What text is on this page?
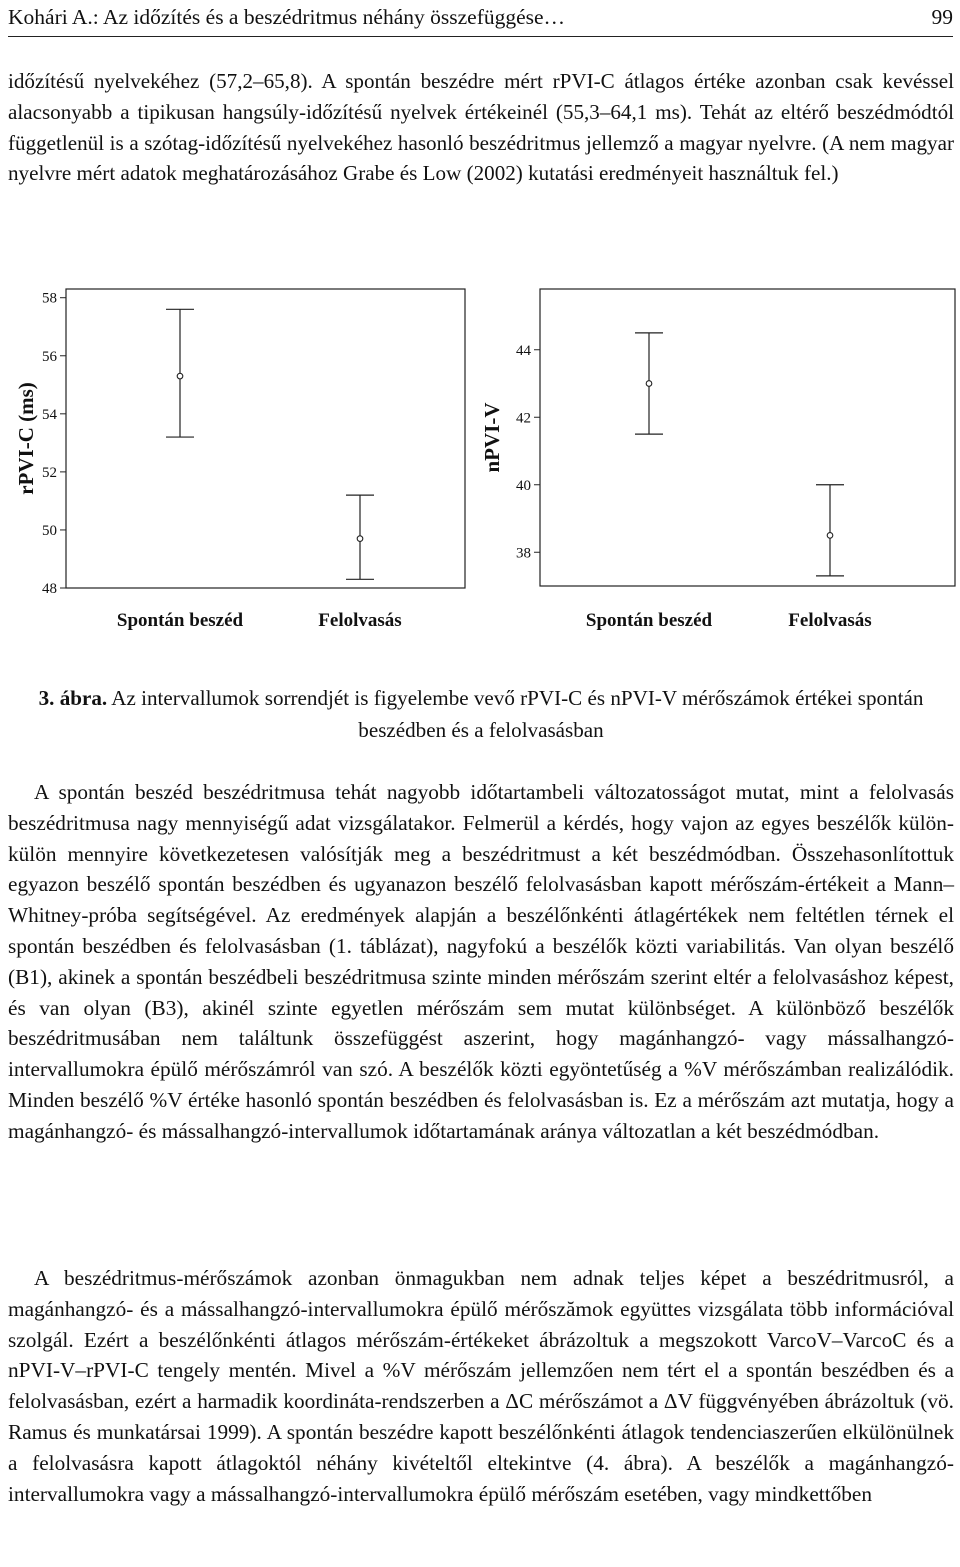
Kohári A.: Az időzítés és a beszédritmus néhány összefüggése…	99

időzítésű nyelvekéhez (57,2–65,8). A spontán beszédre mért rPVI-C átlagos értéke azonban csak kevéssel alacsonyabb a tipikusan hangsúly-időzítésű nyelvek értékeinél (55,3–64,1 ms). Tehát az eltérő beszédmódtól függetlenül is a szótag-időzítésű nyelvekéhez hasonló beszédritmus jellemző a magyar nyelvre. (A nem magyar nyelvre mért adatok meghatározásához Grabe és Low (2002) kutatási eredményeit használtuk fel.)

48
50
52
54
56
58
rPVI-C (ms)
Spontán beszéd	Felolvasás
38
40
42
44
nPVI-V
Spontán beszéd	Felolvasás

3. ábra. Az intervallumok sorrendjét is figyelembe vevő rPVI-C és nPVI-V mérőszámok értékei spontán beszédben és a felolvasásban

A spontán beszéd beszédritmusa tehát nagyobb időtartambeli változatosságot mutat, mint a felolvasás beszédritmusa nagy mennyiségű adat vizsgálatakor. Felmerül a kérdés, hogy vajon az egyes beszélők külön-külön mennyire következetesen valósítják meg a beszédritmust a két beszédmódban. Összehasonlítottuk egyazon beszélő spontán beszédben és ugyanazon beszélő felolvasásban kapott mérőszám-értékeit a Mann–Whitney-próba segítségével. Az eredmények alapján a beszélőnkénti átlagértékek nem feltétlen térnek el spontán beszédben és felolvasásban (1. táblázat), nagyfokú a beszélők közti variabilitás. Van olyan beszélő (B1), akinek a spontán beszédbeli beszédritmusa szinte minden mérőszám szerint eltér a felolvasáshoz képest, és van olyan (B3), akinél szinte egyetlen mérőszám sem mutat különbséget. A különböző beszélők beszédritmusában nem találtunk összefüggést aszerint, hogy magánhangzó- vagy mássalhangzó-intervallumokra épülő mérőszámról van szó. A beszélők közti egyöntetűség a %V mérőszámban realizálódik. Minden beszélő %V értéke hasonló spontán beszédben és felolvasásban is. Ez a mérőszám azt mutatja, hogy a magánhangzó- és mássalhangzó-intervallumok időtartamának aránya változatlan a két beszédmódban.

A beszédritmus-mérőszámok azonban önmagukban nem adnak teljes képet a beszédritmusról, a magánhangzó- és a mássalhangzó-intervallumokra épülő mérőszămok együttes vizsgálata több információval szolgál. Ezért a beszélőnkénti átlagos mérőszám-értékeket ábrázoltuk a megszokott VarcoV–VarcoC és a nPVI-V–rPVI-C tengely mentén. Mivel a %V mérőszám jellemzően nem tért el a spontán beszédben és a felolvasásban, ezért a harmadik koordináta-rendszerben a ΔC mérőszámot a ΔV függvényében ábrázoltuk (vö. Ramus és munkatársai 1999). A spontán beszédre kapott beszélőnkénti átlagok tendenciaszerűen elkülönülnek a felolvasásra kapott átlagoktól néhány kivételtől eltekintve (4. ábra). A beszélők a magánhangzó-intervallumokra vagy a mássalhangzó-intervallumokra épülő mérőszám esetében, vagy mindkettőben
